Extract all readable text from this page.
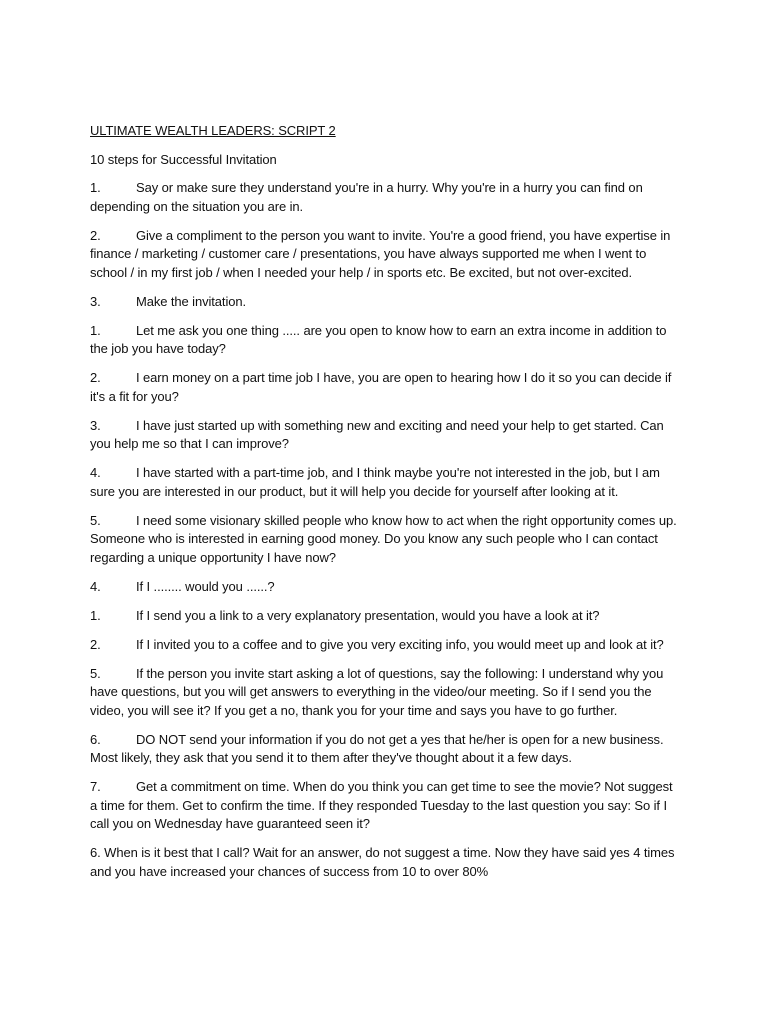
ULTIMATE WEALTH LEADERS: SCRIPT 2

10 steps for Successful Invitation

1.	Say or make sure they understand you're in a hurry. Why you're in a hurry you can find on depending on the situation you are in.

2.	Give a compliment to the person you want to invite. You're a good friend, you have expertise in finance / marketing / customer care / presentations, you have always supported me when I went to school / in my first job / when I needed your help / in sports etc. Be excited, but not over-excited.

3.	Make the invitation.

1.	Let me ask you one thing ..... are you open to know how to earn an extra income in addition to the job you have today?

2.	I earn money on a part time job I have, you are open to hearing how I do it so you can decide if it's a fit for you?

3.	I have just started up with something new and exciting and need your help to get started. Can you help me so that I can improve?

4.	I have started with a part-time job, and I think maybe you're not interested in the job, but I am sure you are interested in our product, but it will help you decide for yourself after looking at it.

5.	I need some visionary skilled people who know how to act when the right opportunity comes up. Someone who is interested in earning good money. Do you know any such people who I can contact regarding a unique opportunity I have now?

4.	If I ........ would you ......?

1.	If I send you a link to a very explanatory presentation, would you have a look at it?

2.	If I invited you to a coffee and to give you very exciting info, you would meet up and look at it?

5.	If the person you invite start asking a lot of questions, say the following: I understand why you have questions, but you will get answers to everything in the video/our meeting. So if I send you the video, you will see it? If you get a no, thank you for your time and says you have to go further.

6.	DO NOT send your information if you do not get a yes that he/her is open for a new business. Most likely, they ask that you send it to them after they've thought about it a few days.

7.	Get a commitment on time. When do you think you can get time to see the movie? Not suggest a time for them. Get to confirm the time. If they responded Tuesday to the last question you say: So if I call you on Wednesday have guaranteed seen it?

6. When is it best that I call? Wait for an answer, do not suggest a time. Now they have said yes 4 times and you have increased your chances of success from 10 to over 80%
